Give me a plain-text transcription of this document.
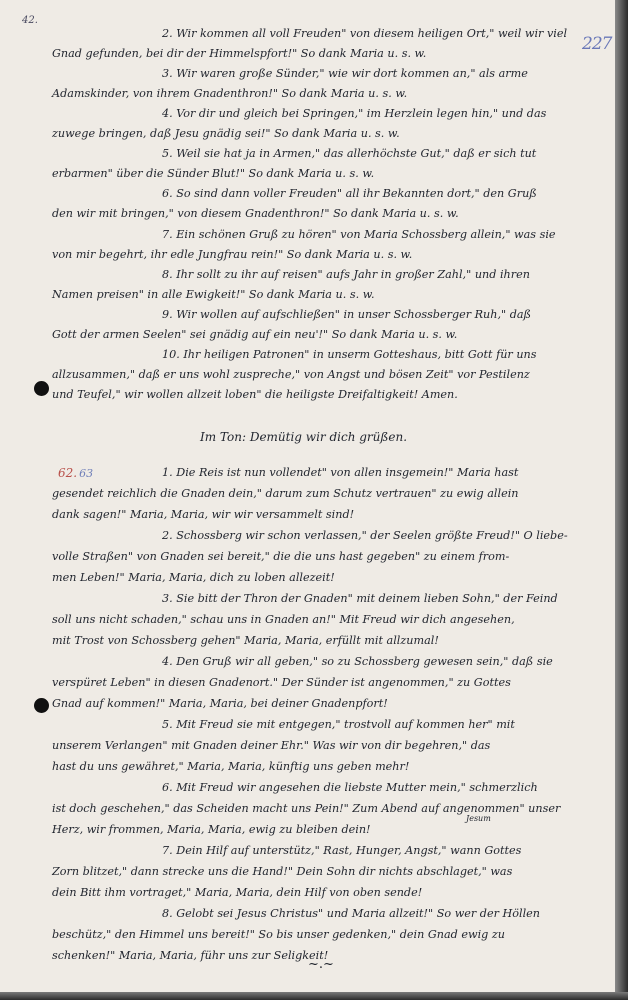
42.
227
2. Wir kommen all voll Freuden" von diesem heiligen Ort," weil wir viel
Gnad gefunden, bei dir der Himmelspfort!" So dank Maria u. s. w.
3. Wir waren große Sünder," wie wir dort kommen an," als arme
Adamskinder, von ihrem Gnadenthron!" So dank Maria u. s. w.
4. Vor dir und gleich bei Springen," im Herzlein legen hin," und das
zuwege bringen, daß Jesu gnädig sei!" So dank Maria u. s. w.
5. Weil sie hat ja in Armen," das allerhöchste Gut," daß er sich tut
erbarmen" über die Sünder Blut!" So dank Maria u. s. w.
6. So sind dann voller Freuden" all ihr Bekannten dort," den Gruß
den wir mit bringen," von diesem Gnadenthron!" So dank Maria u. s. w.
7. Ein schönen Gruß zu hören" von Maria Schossberg allein," was sie
von mir begehrt, ihr edle Jungfrau rein!" So dank Maria u. s. w.
8. Ihr sollt zu ihr auf reisen" aufs Jahr in großer Zahl," und ihren
Namen preisen" in alle Ewigkeit!" So dank Maria u. s. w.
9. Wir wollen auf aufschließen" in unser Schossberger Ruh," daß
Gott der armen Seelen" sei gnädig auf ein neu'!" So dank Maria u. s. w.
10. Ihr heiligen Patronen" in unserm Gotteshaus, bitt Gott für uns
allzusammen," daß er uns wohl zuspreche," von Angst und bösen Zeit" vor Pestilenz
und Teufel," wir wollen allzeit loben" die heiligste Dreifaltigkeit! Amen.
Im Ton: Demütig wir dich grüßen.
62. 63	1. Die Reis ist nun vollendet" von allen insgemein!" Maria hast
gesendet reichlich die Gnaden dein," darum zum Schutz vertrauen" zu ewig allein
dank sagen!" Maria, Maria, wir wir versammelt sind!
2. Schossberg wir schon verlassen," der Seelen größte Freud!" O liebe-
volle Straßen" von Gnaden sei bereit," die die uns hast gegeben" zu einem from-
men Leben!" Maria, Maria, dich zu loben allezeit!
3. Sie bitt der Thron der Gnaden" mit deinem lieben Sohn," der Feind
soll uns nicht schaden," schau uns in Gnaden an!" Mit Freud wir dich angesehen,
mit Trost von Schossberg gehen" Maria, Maria, erfüllt mit allzumal!
4. Den Gruß wir all geben," so zu Schossberg gewesen sein," daß sie
verspüret Leben" in diesen Gnadenort." Der Sünder ist angenommen," zu Gottes
Gnad auf kommen!" Maria, Maria, bei deiner Gnadenpfort!
5. Mit Freud sie mit entgegen," trostvoll auf kommen her" mit
unserem Verlangen" mit Gnaden deiner Ehr." Was wir von dir begehren," das
hast du uns gewähret," Maria, Maria, künftig uns geben mehr!
6. Mit Freud wir angesehen die liebste Mutter mein," schmerzlich
ist doch geschehen," das Scheiden macht uns Pein!" Zum Abend auf angenommen" unser
Herz, wir frommen, Maria, Maria, ewig zu bleiben dein!
7. Dein Hilf auf unterstütz," Rast, Hunger, Angst," wann Gottes
Zorn blitzet," dann strecke uns die Hand!" Dein Sohn dir nichts abschlaget," was
dein Bitt ihm vortraget," Maria, Maria, dein Hilf von oben sende!
8. Gelobt sei Jesus Christus" und Maria allzeit!" So wer der Höllen
beschütz," den Himmel uns bereit!" So bis unser gedenken," dein Gnad ewig zu
schenken!" Maria, Maria, führ uns zur Seligkeit!
Jesum
~.~
